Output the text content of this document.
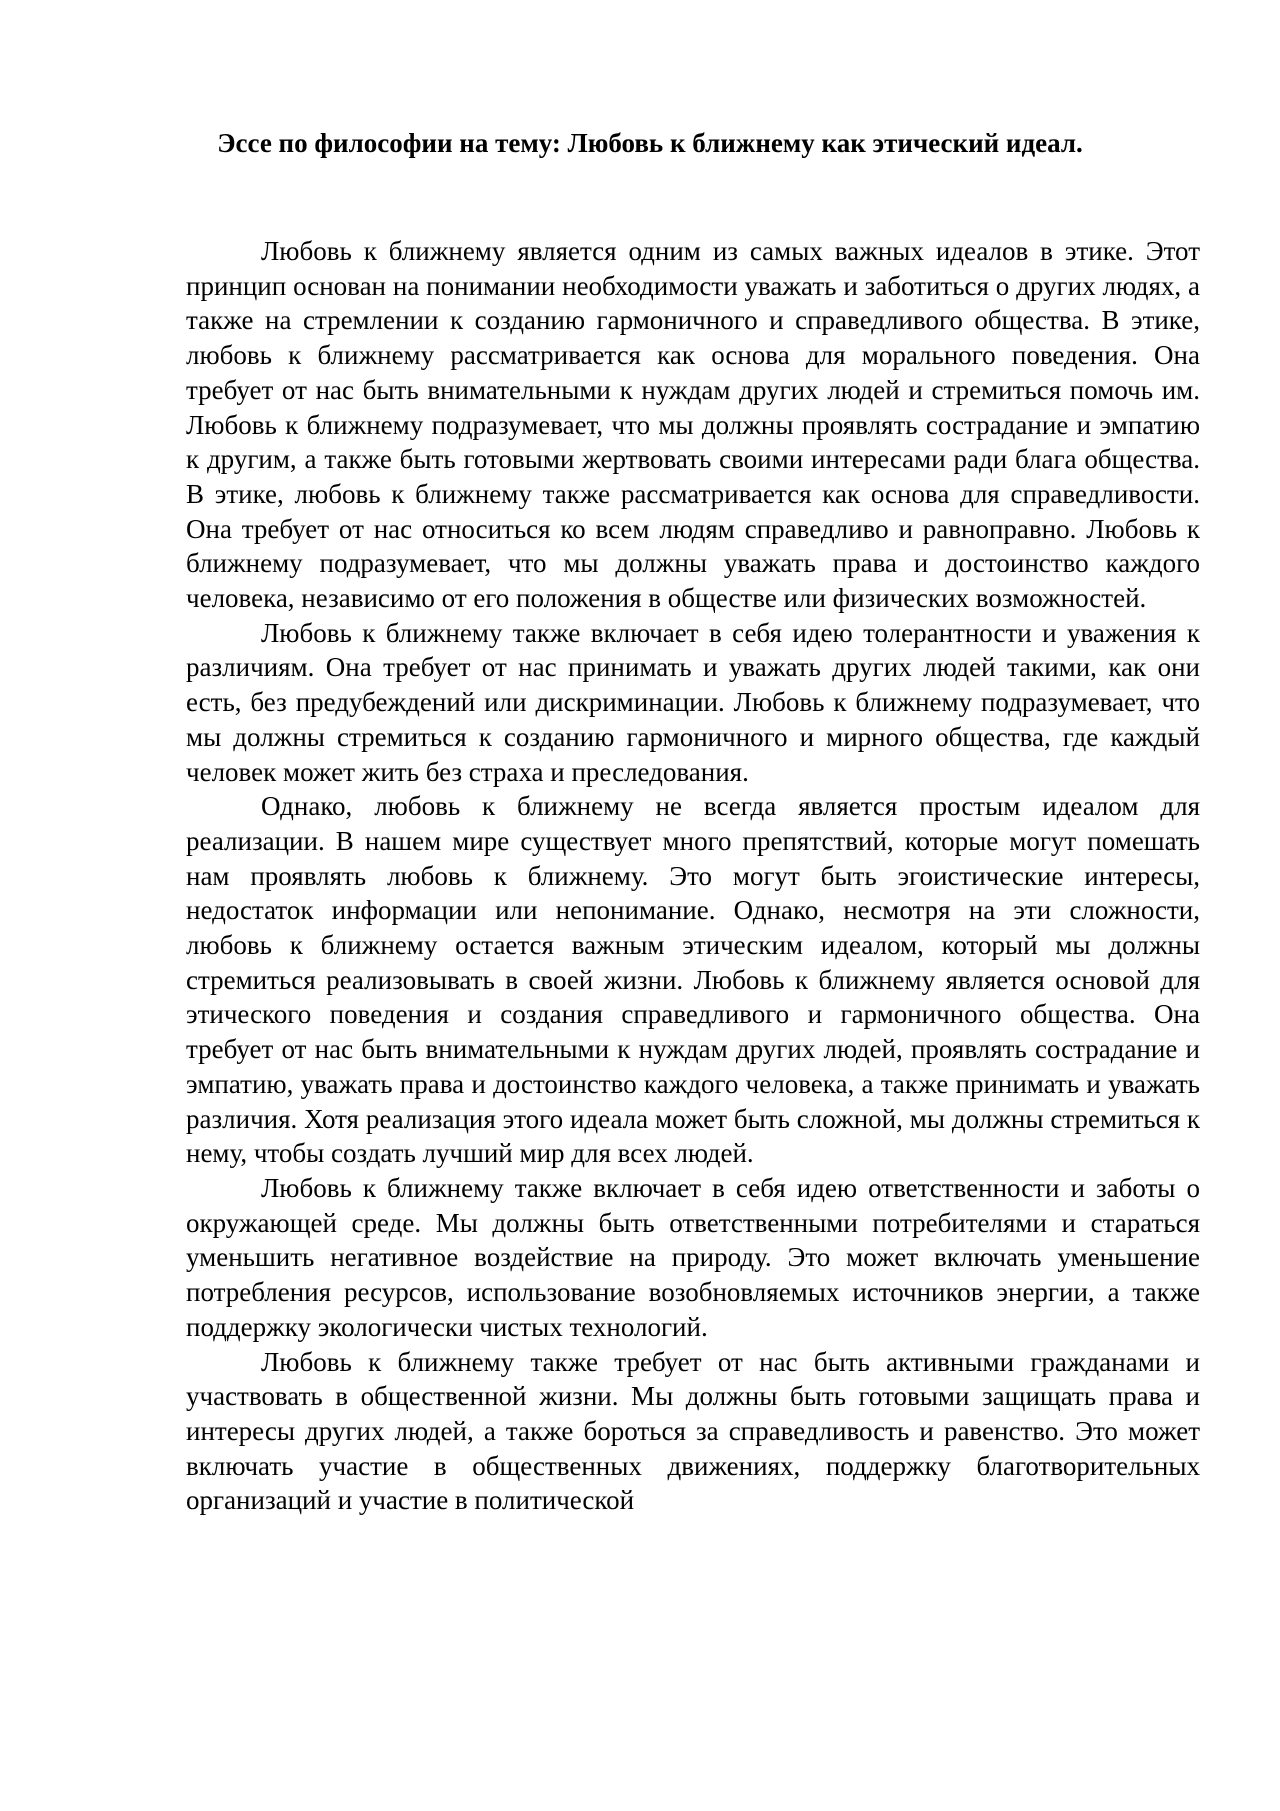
Эссе по философии на тему: Любовь к ближнему как этический идеал.

Любовь к ближнему является одним из самых важных идеалов в этике. Этот принцип основан на понимании необходимости уважать и заботиться о других людях, а также на стремлении к созданию гармоничного и справедливого общества. В этике, любовь к ближнему рассматривается как основа для морального поведения. Она требует от нас быть внимательными к нуждам других людей и стремиться помочь им. Любовь к ближнему подразумевает, что мы должны проявлять сострадание и эмпатию к другим, а также быть готовыми жертвовать своими интересами ради блага общества. В этике, любовь к ближнему также рассматривается как основа для справедливости. Она требует от нас относиться ко всем людям справедливо и равноправно. Любовь к ближнему подразумевает, что мы должны уважать права и достоинство каждого человека, независимо от его положения в обществе или физических возможностей.

Любовь к ближнему также включает в себя идею толерантности и уважения к различиям. Она требует от нас принимать и уважать других людей такими, как они есть, без предубеждений или дискриминации. Любовь к ближнему подразумевает, что мы должны стремиться к созданию гармоничного и мирного общества, где каждый человек может жить без страха и преследования.

Однако, любовь к ближнему не всегда является простым идеалом для реализации. В нашем мире существует много препятствий, которые могут помешать нам проявлять любовь к ближнему. Это могут быть эгоистические интересы, недостаток информации или непонимание. Однако, несмотря на эти сложности, любовь к ближнему остается важным этическим идеалом, который мы должны стремиться реализовывать в своей жизни. Любовь к ближнему является основой для этического поведения и создания справедливого и гармоничного общества. Она требует от нас быть внимательными к нуждам других людей, проявлять сострадание и эмпатию, уважать права и достоинство каждого человека, а также принимать и уважать различия. Хотя реализация этого идеала может быть сложной, мы должны стремиться к нему, чтобы создать лучший мир для всех людей.

Любовь к ближнему также включает в себя идею ответственности и заботы о окружающей среде. Мы должны быть ответственными потребителями и стараться уменьшить негативное воздействие на природу. Это может включать уменьшение потребления ресурсов, использование возобновляемых источников энергии, а также поддержку экологически чистых технологий.

Любовь к ближнему также требует от нас быть активными гражданами и участвовать в общественной жизни. Мы должны быть готовыми защищать права и интересы других людей, а также бороться за справедливость и равенство. Это может включать участие в общественных движениях, поддержку благотворительных организаций и участие в политической
